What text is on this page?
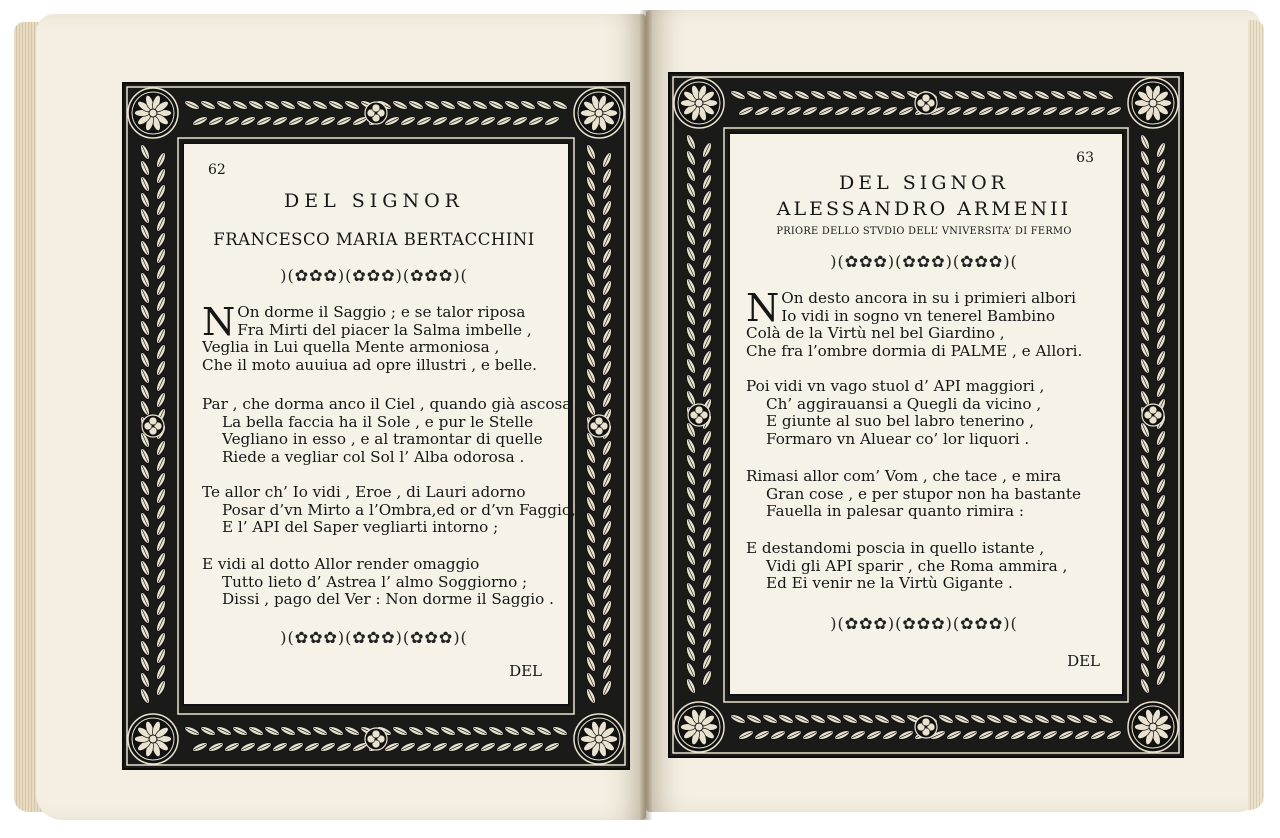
62
DEL SIGNOR
FRANCESCO MARIA BERTACCHINI
)(✿✿✿)(✿✿✿)(✿✿✿)(
N On dorme il Saggio ; e se talor riposa
Fra Mirti del piacer la Salma imbelle ,
Veglia in Lui quella Mente armoniosa ,
Che il moto auuiua ad opre illustri , e belle.
Par , che dorma anco il Ciel , quando già ascosa
La bella faccia ha il Sole , e pur le Stelle
Vegliano in esso , e al tramontar di quelle
Riede a vegliar col Sol l’ Alba odorosa .
Te allor ch’ Io vidi , Eroe , di Lauri adorno
Posar d’vn Mirto a l’Ombra,ed or d’vn Faggio,
E l’ API del Saper vegliarti intorno ;
E vidi al dotto Allor render omaggio
Tutto lieto d’ Astrea l’ almo Soggiorno ;
Dissi , pago del Ver : Non dorme il Saggio .
)(✿✿✿)(✿✿✿)(✿✿✿)(
DEL
63
DEL SIGNOR
ALESSANDRO ARMENII
PRIORE DELLO STVDIO DELL’ VNIVERSITA’ DI FERMO
)(✿✿✿)(✿✿✿)(✿✿✿)(
N On desto ancora in su i primieri albori
Io vidi in sogno vn tenerel Bambino
Colà de la Virtù nel bel Giardino ,
Che fra l’ombre dormia di PALME , e Allori.
Poi vidi vn vago stuol d’ API maggiori ,
Ch’ aggirauansi a Quegli da vicino ,
E giunte al suo bel labro tenerino ,
Formaro vn Aluear co’ lor liquori .
Rimasi allor com’ Vom , che tace , e mira
Gran cose , e per stupor non ha bastante
Fauella in palesar quanto rimira :
E destandomi poscia in quello istante ,
Vidi gli API sparir , che Roma ammira ,
Ed Ei venir ne la Virtù Gigante .
)(✿✿✿)(✿✿✿)(✿✿✿)(
DEL
